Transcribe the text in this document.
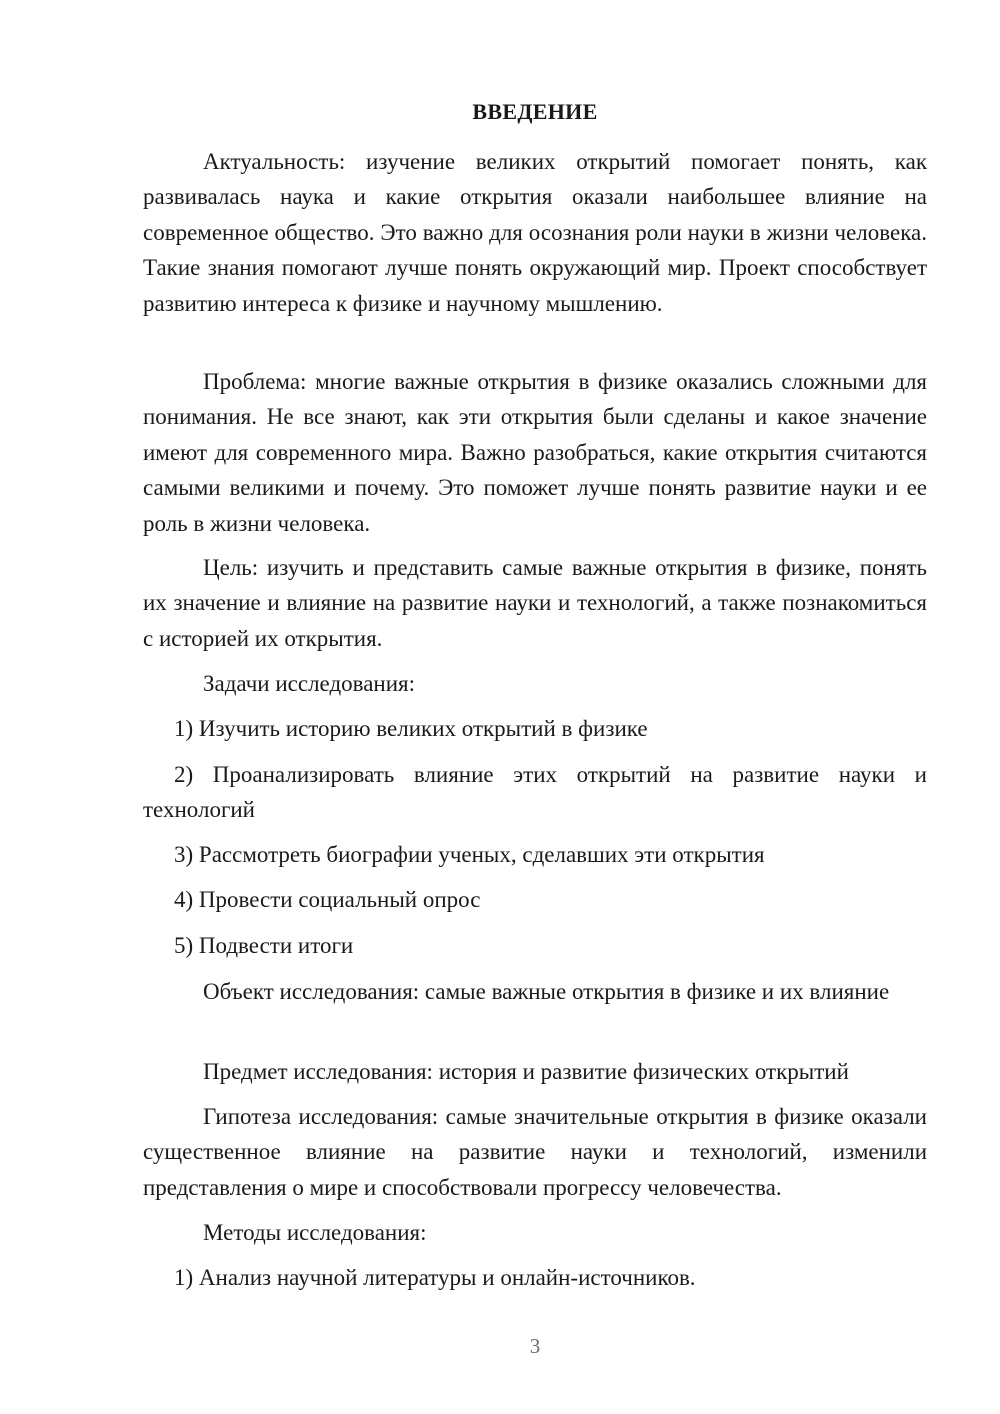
ВВЕДЕНИЕ

Актуальность: изучение великих открытий помогает понять, как развивалась наука и какие открытия оказали наибольшее влияние на современное общество. Это важно для осознания роли науки в жизни человека. Такие знания помогают лучше понять окружающий мир. Проект способствует развитию интереса к физике и научному мышлению.

Проблема: многие важные открытия в физике оказались сложными для понимания. Не все знают, как эти открытия были сделаны и какое значение имеют для современного мира. Важно разобраться, какие открытия считаются самыми великими и почему. Это поможет лучше понять развитие науки и ее роль в жизни человека.

Цель: изучить и представить самые важные открытия в физике, понять их значение и влияние на развитие науки и технологий, а также познакомиться с историей их открытия.

Задачи исследования:

1) Изучить историю великих открытий в физике

2) Проанализировать влияние этих открытий на развитие науки и технологий

3) Рассмотреть биографии ученых, сделавших эти открытия

4) Провести социальный опрос

5) Подвести итоги

Объект исследования: самые важные открытия в физике и их влияние

Предмет исследования: история и развитие физических открытий

Гипотеза исследования: самые значительные открытия в физике оказали существенное влияние на развитие науки и технологий, изменили представления о мире и способствовали прогрессу человечества.

Методы исследования:

1) Анализ научной литературы и онлайн-источников.

3
